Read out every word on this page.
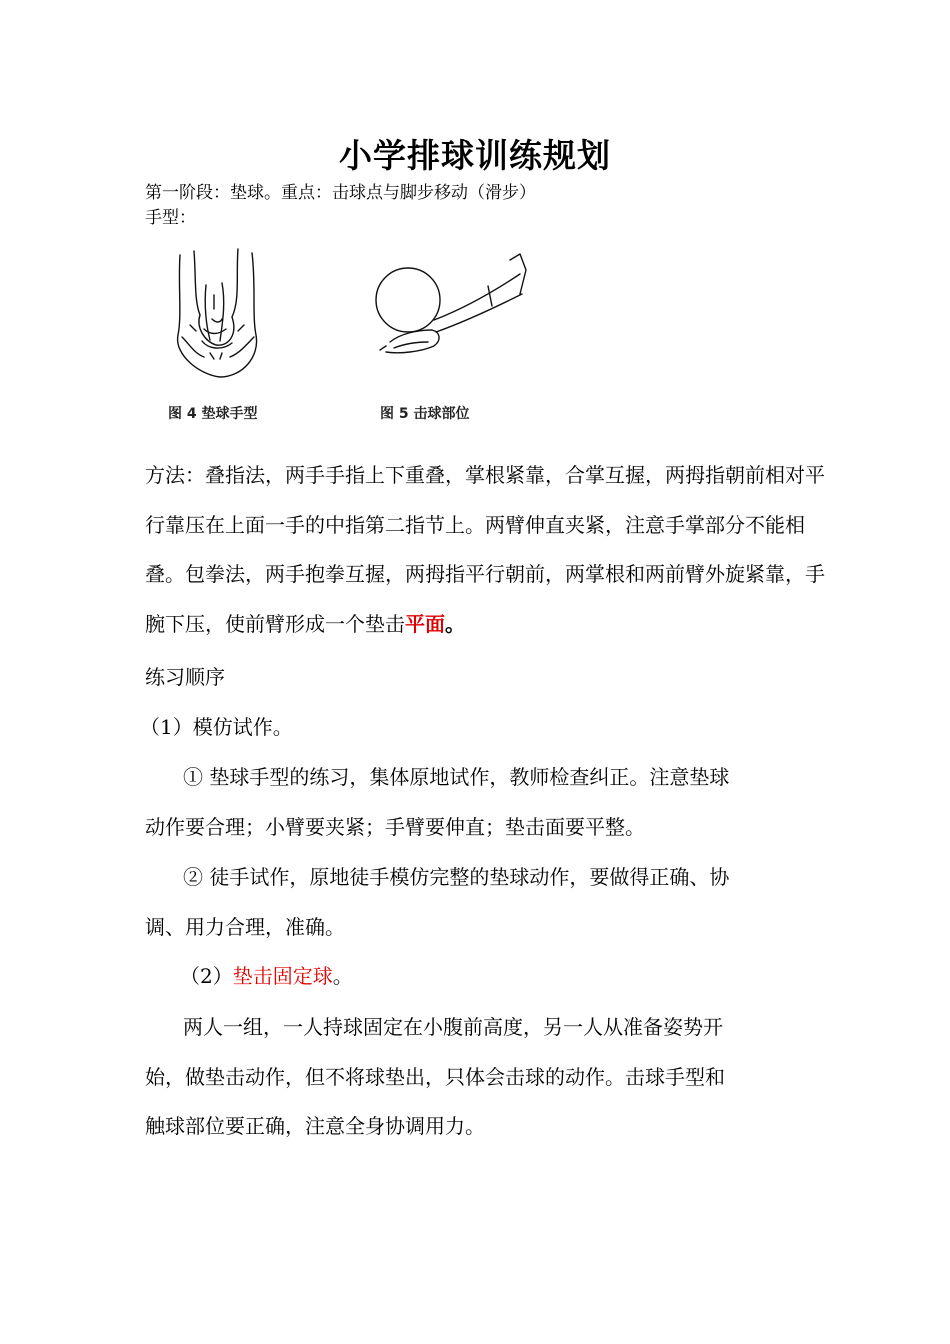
小学排球训练规划
第一阶段：垫球。重点：击球点与脚步移动（滑步）
手型：
图 4 垫球手型	图 5 击球部位
方法：叠指法，两手手指上下重叠，掌根紧靠，合掌互握，两拇指朝前相对平行靠压在上面一手的中指第二指节上。两臂伸直夹紧，注意手掌部分不能相叠。包拳法，两手抱拳互握，两拇指平行朝前，两掌根和两前臂外旋紧靠，手腕下压，使前臂形成一个垫击平面。
练习顺序
（1）模仿试作。
① 垫球手型的练习，集体原地试作，教师检查纠正。注意垫球
动作要合理；小臂要夹紧；手臂要伸直；垫击面要平整。
② 徒手试作，原地徒手模仿完整的垫球动作，要做得正确、协
调、用力合理，准确。
（2）垫击固定球。
两人一组，一人持球固定在小腹前高度，另一人从准备姿势开
始，做垫击动作，但不将球垫出，只体会击球的动作。击球手型和
触球部位要正确，注意全身协调用力。
